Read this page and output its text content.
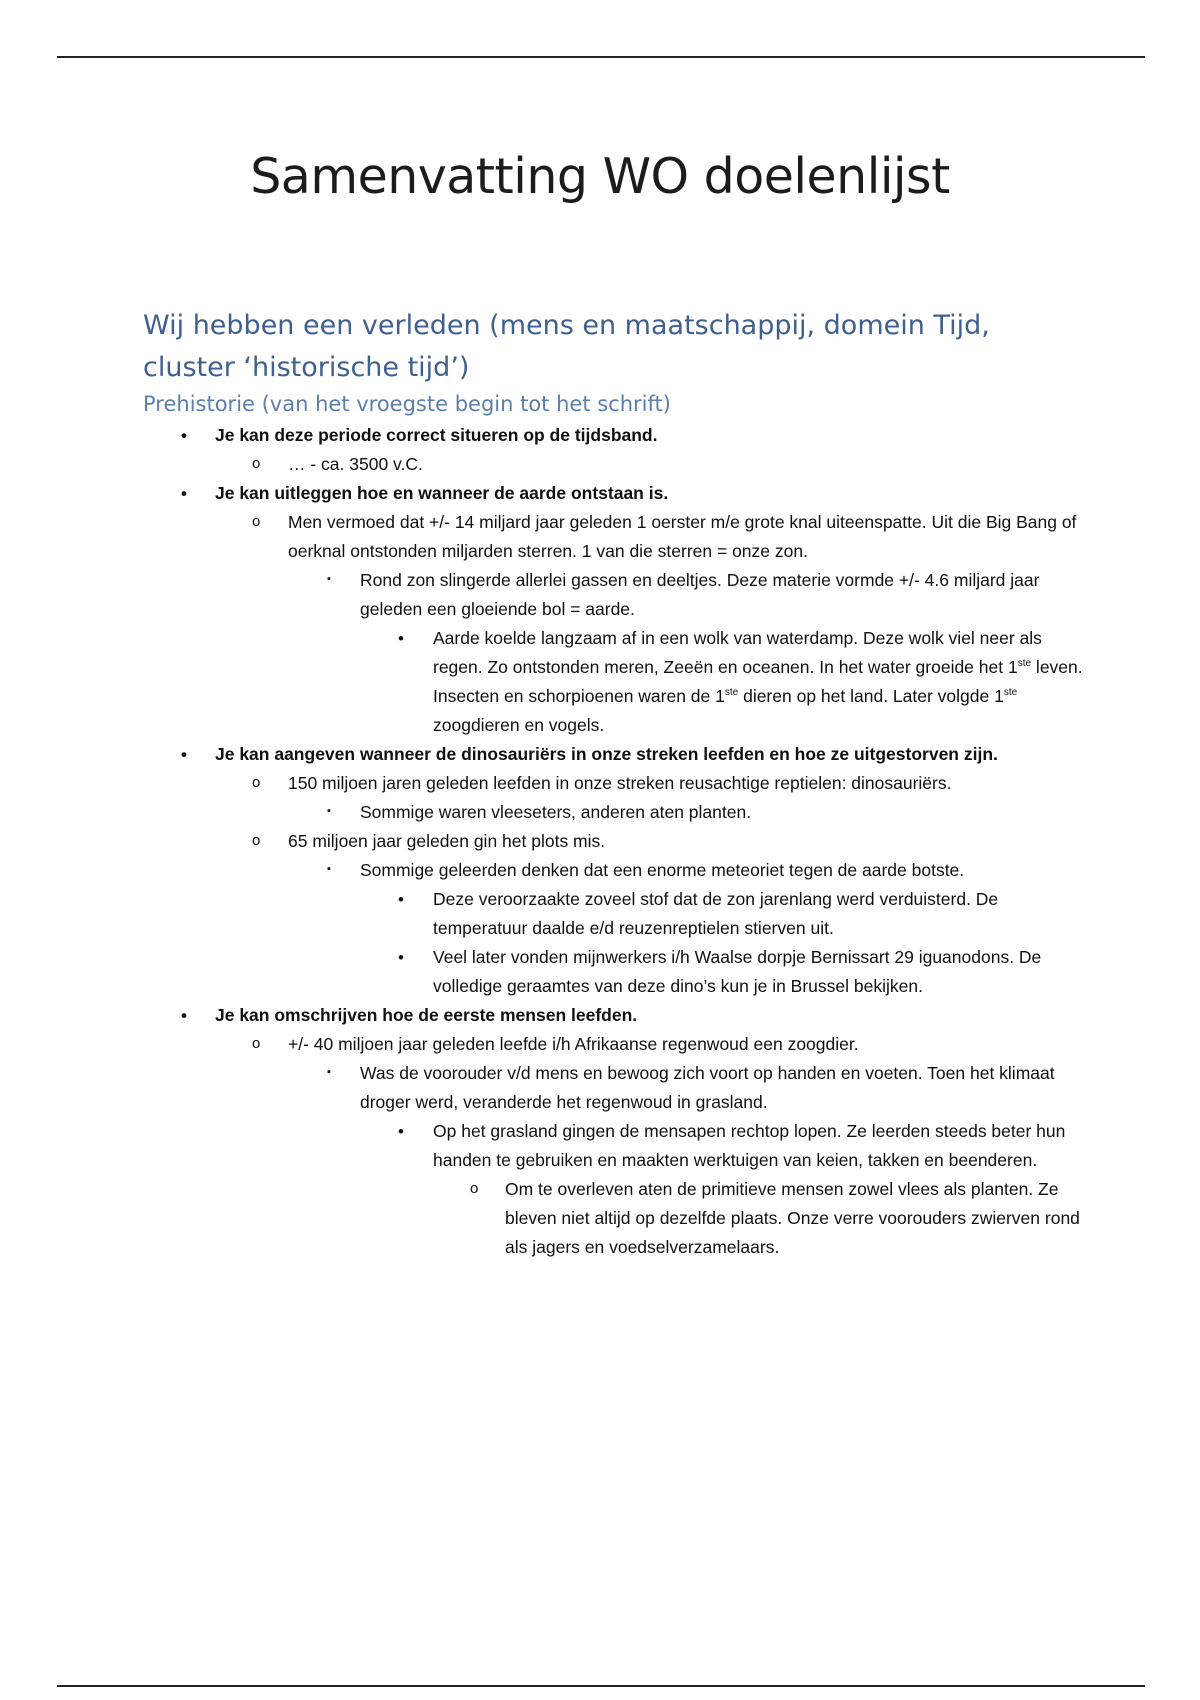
Samenvatting WO doelenlijst
Wij hebben een verleden (mens en maatschappij, domein Tijd, cluster ‘historische tijd’)
Prehistorie (van het vroegste begin tot het schrift)
• Je kan deze periode correct situeren op de tijdsband.
o … - ca. 3500 v.C.
• Je kan uitleggen hoe en wanneer de aarde ontstaan is.
o Men vermoed dat +/- 14 miljard jaar geleden 1 oerster m/e grote knal uiteenspatte. Uit die Big Bang of oerknal ontstonden miljarden sterren. 1 van die sterren = onze zon.
▪ Rond zon slingerde allerlei gassen en deeltjes. Deze materie vormde +/- 4.6 miljard jaar geleden een gloeiende bol = aarde.
• Aarde koelde langzaam af in een wolk van waterdamp. Deze wolk viel neer als regen. Zo ontstonden meren, Zeeën en oceanen. In het water groeide het 1ste leven. Insecten en schorpioenen waren de 1ste dieren op het land. Later volgde 1ste zoogdieren en vogels.
• Je kan aangeven wanneer de dinosauriërs in onze streken leefden en hoe ze uitgestorven zijn.
o 150 miljoen jaren geleden leefden in onze streken reusachtige reptielen: dinosauriërs.
▪ Sommige waren vleeseters, anderen aten planten.
o 65 miljoen jaar geleden gin het plots mis.
▪ Sommige geleerden denken dat een enorme meteoriet tegen de aarde botste.
• Deze veroorzaakte zoveel stof dat de zon jarenlang werd verduisterd. De temperatuur daalde e/d reuzenreptielen stierven uit.
• Veel later vonden mijnwerkers i/h Waalse dorpje Bernissart 29 iguanodons. De volledige geraamtes van deze dino’s kun je in Brussel bekijken.
• Je kan omschrijven hoe de eerste mensen leefden.
o +/- 40 miljoen jaar geleden leefde i/h Afrikaanse regenwoud een zoogdier.
▪ Was de voorouder v/d mens en bewoog zich voort op handen en voeten. Toen het klimaat droger werd, veranderde het regenwoud in grasland.
• Op het grasland gingen de mensapen rechtop lopen. Ze leerden steeds beter hun handen te gebruiken en maakten werktuigen van keien, takken en beenderen.
o Om te overleven aten de primitieve mensen zowel vlees als planten. Ze bleven niet altijd op dezelfde plaats. Onze verre voorouders zwierven rond als jagers en voedselverzamelaars.
